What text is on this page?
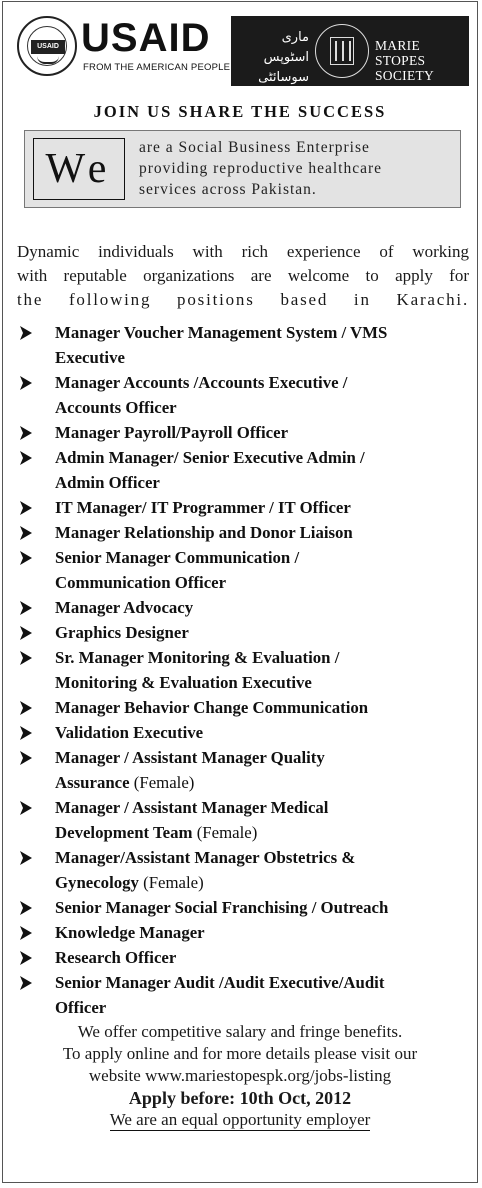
USAID USAID
FROM THE AMERICAN PEOPLE
ماری اسٹوپس سوسائٹی
MARIE STOPES
SOCIETY
JOIN US SHARE THE SUCCESS
We	are a Social Business Enterprise
providing reproductive healthcare
services across Pakistan.
Dynamic individuals with rich experience of working
with reputable organizations are welcome to apply for
the following positions based in Karachi.
Manager Voucher Management System / VMS
Executive
Manager Accounts /Accounts Executive /
Accounts Officer
Manager Payroll/Payroll Officer
Admin Manager/ Senior Executive Admin /
Admin Officer
IT Manager/ IT Programmer / IT Officer
Manager Relationship and Donor Liaison
Senior Manager Communication /
Communication Officer
Manager Advocacy
Graphics Designer
Sr. Manager Monitoring & Evaluation /
Monitoring & Evaluation Executive
Manager Behavior Change Communication
Validation Executive
Manager / Assistant Manager Quality
Assurance (Female)
Manager / Assistant Manager Medical
Development Team (Female)
Manager/Assistant Manager Obstetrics &
Gynecology (Female)
Senior Manager Social Franchising / Outreach
Knowledge Manager
Research Officer
Senior Manager Audit /Audit Executive/Audit
Officer
We offer competitive salary and fringe benefits.
To apply online and for more details please visit our
website www.mariestopespk.org/jobs-listing
Apply before: 10th Oct, 2012
We are an equal opportunity employer
